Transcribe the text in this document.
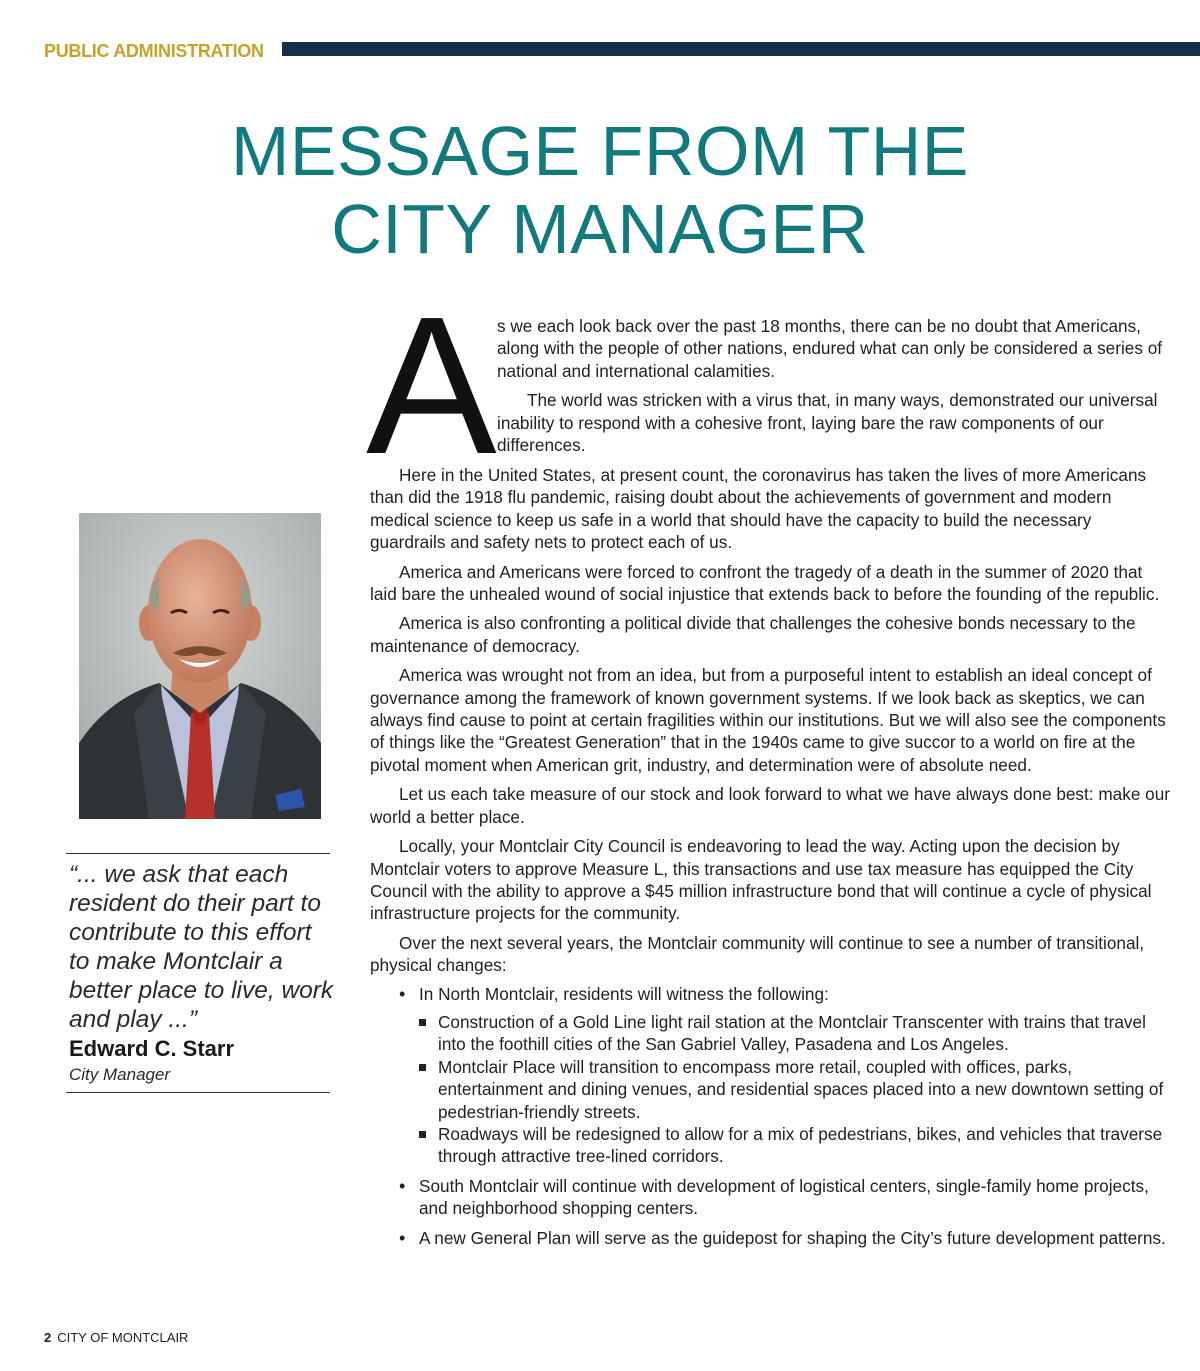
PUBLIC ADMINISTRATION
MESSAGE FROM THE
CITY MANAGER

“... we ask that each resident do their part to contribute to this effort to make Montclair a better place to live, work and play ...”

Edward C. Starr
City Manager
A s we each look back over the past 18 months, there can be no doubt that Americans, along with the people of other nations, endured what can only be considered a series of national and international calamities.

The world was stricken with a virus that, in many ways, demonstrated our universal inability to respond with a cohesive front, laying bare the raw components of our differences.

Here in the United States, at present count, the coronavirus has taken the lives of more Americans than did the 1918 flu pandemic, raising doubt about the achievements of government and modern medical science to keep us safe in a world that should have the capacity to build the necessary guardrails and safety nets to protect each of us.

America and Americans were forced to confront the tragedy of a death in the summer of 2020 that laid bare the unhealed wound of social injustice that extends back to before the founding of the republic.

America is also confronting a political divide that challenges the cohesive bonds necessary to the maintenance of democracy.

America was wrought not from an idea, but from a purposeful intent to establish an ideal concept of governance among the framework of known government systems. If we look back as skeptics, we can always find cause to point at certain fragilities within our institutions. But we will also see the components of things like the “Greatest Generation” that in the 1940s came to give succor to a world on fire at the pivotal moment when American grit, industry, and determination were of absolute need.

Let us each take measure of our stock and look forward to what we have always done best: make our world a better place.

Locally, your Montclair City Council is endeavoring to lead the way. Acting upon the decision by Montclair voters to approve Measure L, this transactions and use tax measure has equipped the City Council with the ability to approve a $45 million infrastructure bond that will continue a cycle of physical infrastructure projects for the community.

Over the next several years, the Montclair community will continue to see a number of transitional, physical changes:

• In North Montclair, residents will witness the following:
Construction of a Gold Line light rail station at the Montclair Transcenter with trains that travel into the foothill cities of the San Gabriel Valley, Pasadena and Los Angeles.
Montclair Place will transition to encompass more retail, coupled with offices, parks, entertainment and dining venues, and residential spaces placed into a new downtown setting of pedestrian-friendly streets.
Roadways will be redesigned to allow for a mix of pedestrians, bikes, and vehicles that traverse through attractive tree-lined corridors.
• South Montclair will continue with development of logistical centers, single-family home projects, and neighborhood shopping centers.
• A new General Plan will serve as the guidepost for shaping the City’s future development patterns.
2 CITY OF MONTCLAIR
